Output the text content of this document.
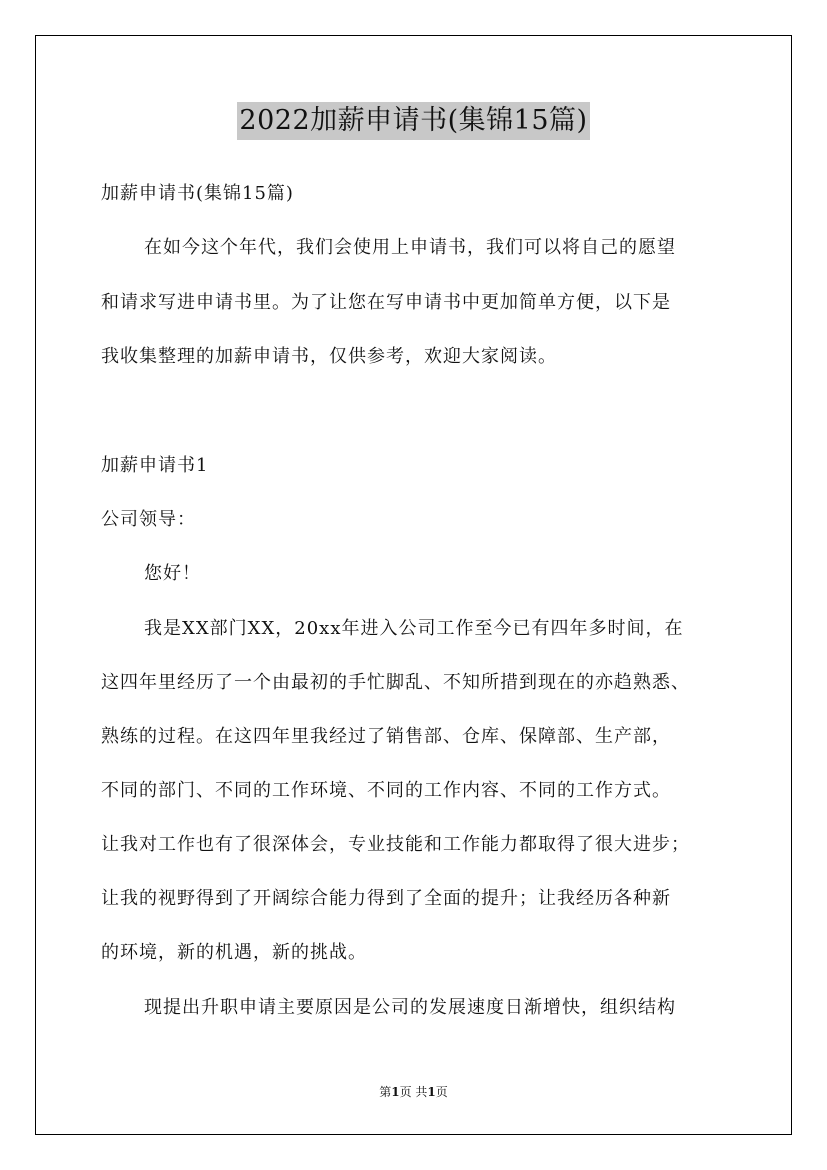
2022加薪申请书(集锦15篇)
加薪申请书(集锦15篇)
在如今这个年代，我们会使用上申请书，我们可以将自己的愿望
和请求写进申请书里。为了让您在写申请书中更加简单方便，以下是
我收集整理的加薪申请书，仅供参考，欢迎大家阅读。
加薪申请书1
公司领导：
您好！
我是XX部门XX，20xx年进入公司工作至今已有四年多时间，在
这四年里经历了一个由最初的手忙脚乱、不知所措到现在的亦趋熟悉、
熟练的过程。在这四年里我经过了销售部、仓库、保障部、生产部，
不同的部门、不同的工作环境、不同的工作内容、不同的工作方式。
让我对工作也有了很深体会，专业技能和工作能力都取得了很大进步；
让我的视野得到了开阔综合能力得到了全面的提升；让我经历各种新
的环境，新的机遇，新的挑战。
现提出升职申请主要原因是公司的发展速度日渐增快，组织结构
第1页 共1页
